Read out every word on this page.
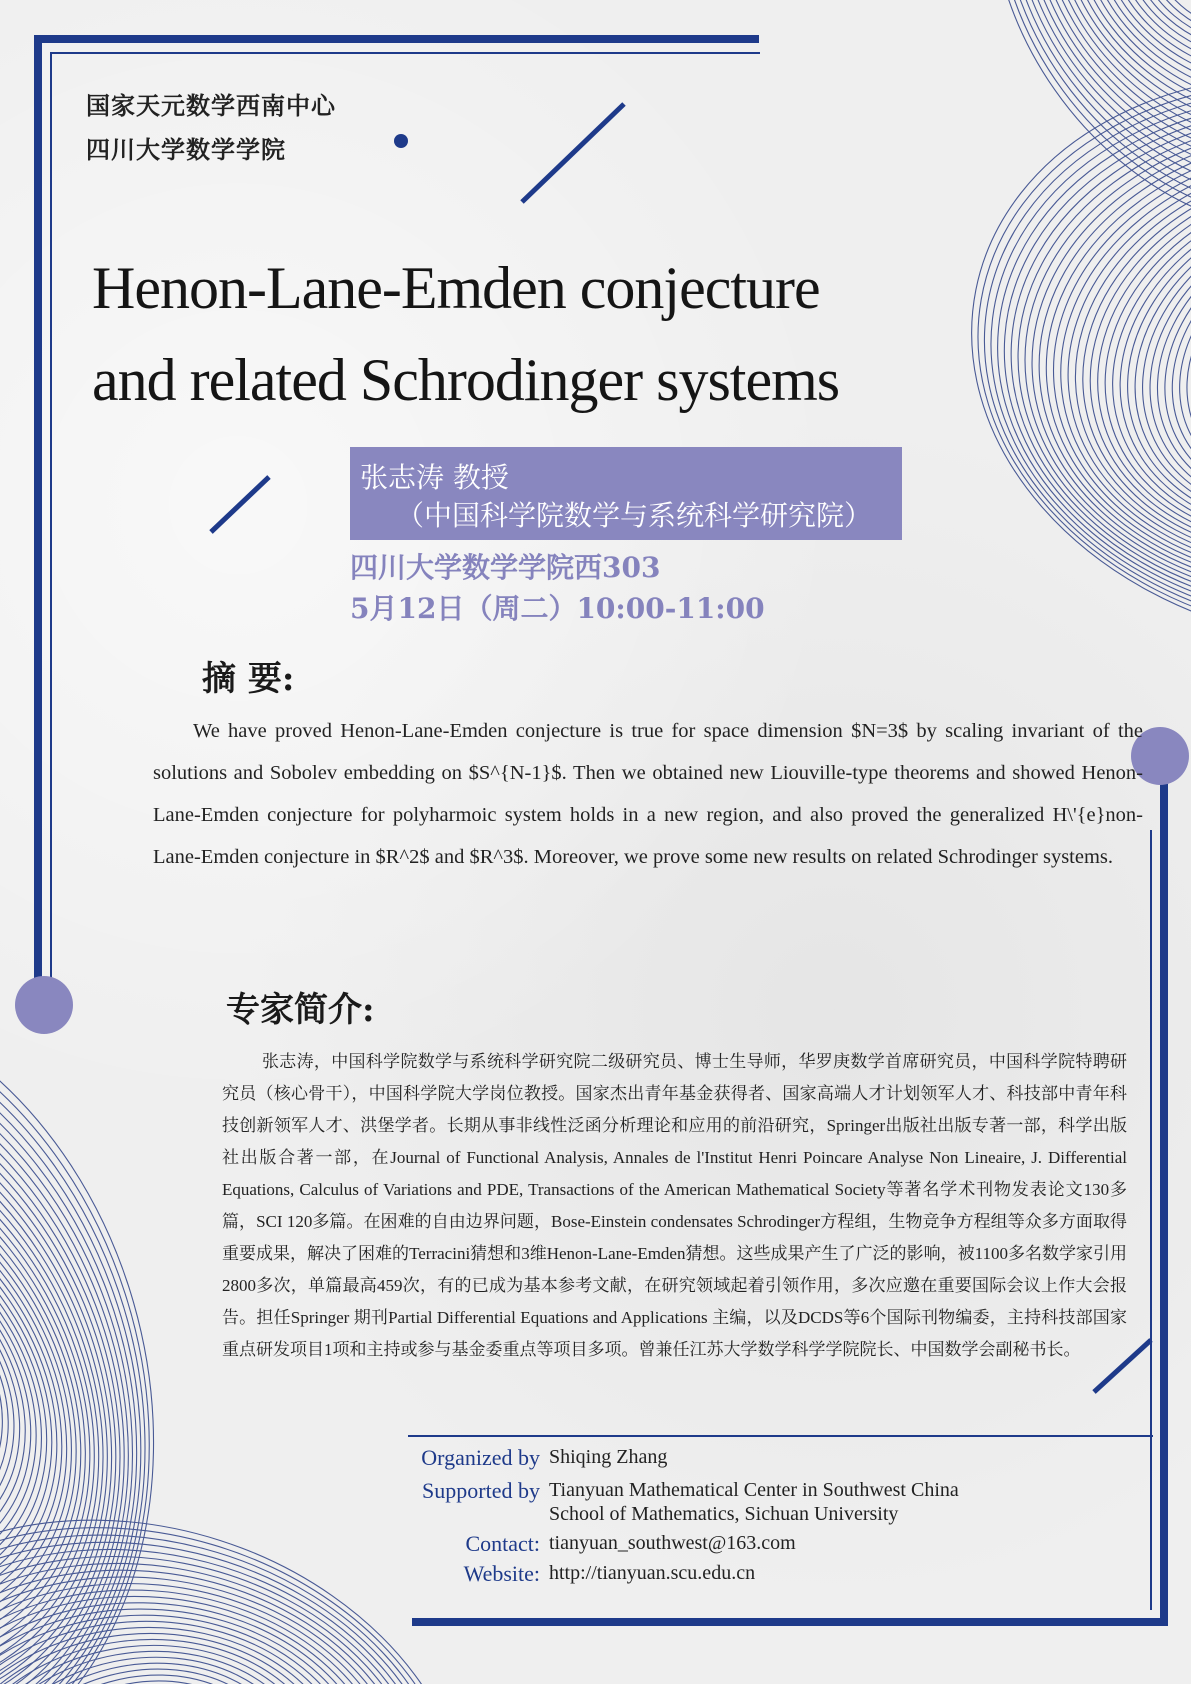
国家天元数学西南中心
四川大学数学学院
Henon-Lane-Emden conjecture
and related Schrodinger systems
张志涛 教授
（中国科学院数学与系统科学研究院）
四川大学数学学院西303
5月12日（周二）10:00-11:00
摘 要:
We have proved Henon-Lane-Emden conjecture is true for space dimension $N=3$ by scaling invariant of the solutions and Sobolev embedding on $S^{N-1}$. Then we obtained new Liouville-type theorems and showed Henon-Lane-Emden conjecture for polyharmoic system holds in a new region, and also proved the generalized H\'{e}non-Lane-Emden conjecture in $R^2$ and $R^3$. Moreover, we prove some new results on related Schrodinger systems.
专家简介:
张志涛，中国科学院数学与系统科学研究院二级研究员、博士生导师，华罗庚数学首席研究员，中国科学院特聘研究员（核心骨干），中国科学院大学岗位教授。国家杰出青年基金获得者、国家高端人才计划领军人才、科技部中青年科技创新领军人才、洪堡学者。长期从事非线性泛函分析理论和应用的前沿研究，Springer出版社出版专著一部，科学出版社出版合著一部，在Journal of Functional Analysis, Annales de l'Institut Henri Poincare Analyse Non Lineaire, J. Differential Equations, Calculus of Variations and PDE, Transactions of the American Mathematical Society等著名学术刊物发表论文130多篇，SCI 120多篇。在困难的自由边界问题，Bose-Einstein condensates Schrodinger方程组，生物竞争方程组等众多方面取得重要成果，解决了困难的Terracini猜想和3维Henon-Lane-Emden猜想。这些成果产生了广泛的影响，被1100多名数学家引用2800多次，单篇最高459次，有的已成为基本参考文献，在研究领域起着引领作用，多次应邀在重要国际会议上作大会报告。担任Springer 期刊Partial Differential Equations and Applications 主编，以及DCDS等6个国际刊物编委，主持科技部国家重点研发项目1项和主持或参与基金委重点等项目多项。曾兼任江苏大学数学科学学院院长、中国数学会副秘书长。
Organized by Shiqing Zhang
Supported by Tianyuan Mathematical Center in Southwest China
School of Mathematics, Sichuan University
Contact: tianyuan_southwest@163.com
Website: http://tianyuan.scu.edu.cn
